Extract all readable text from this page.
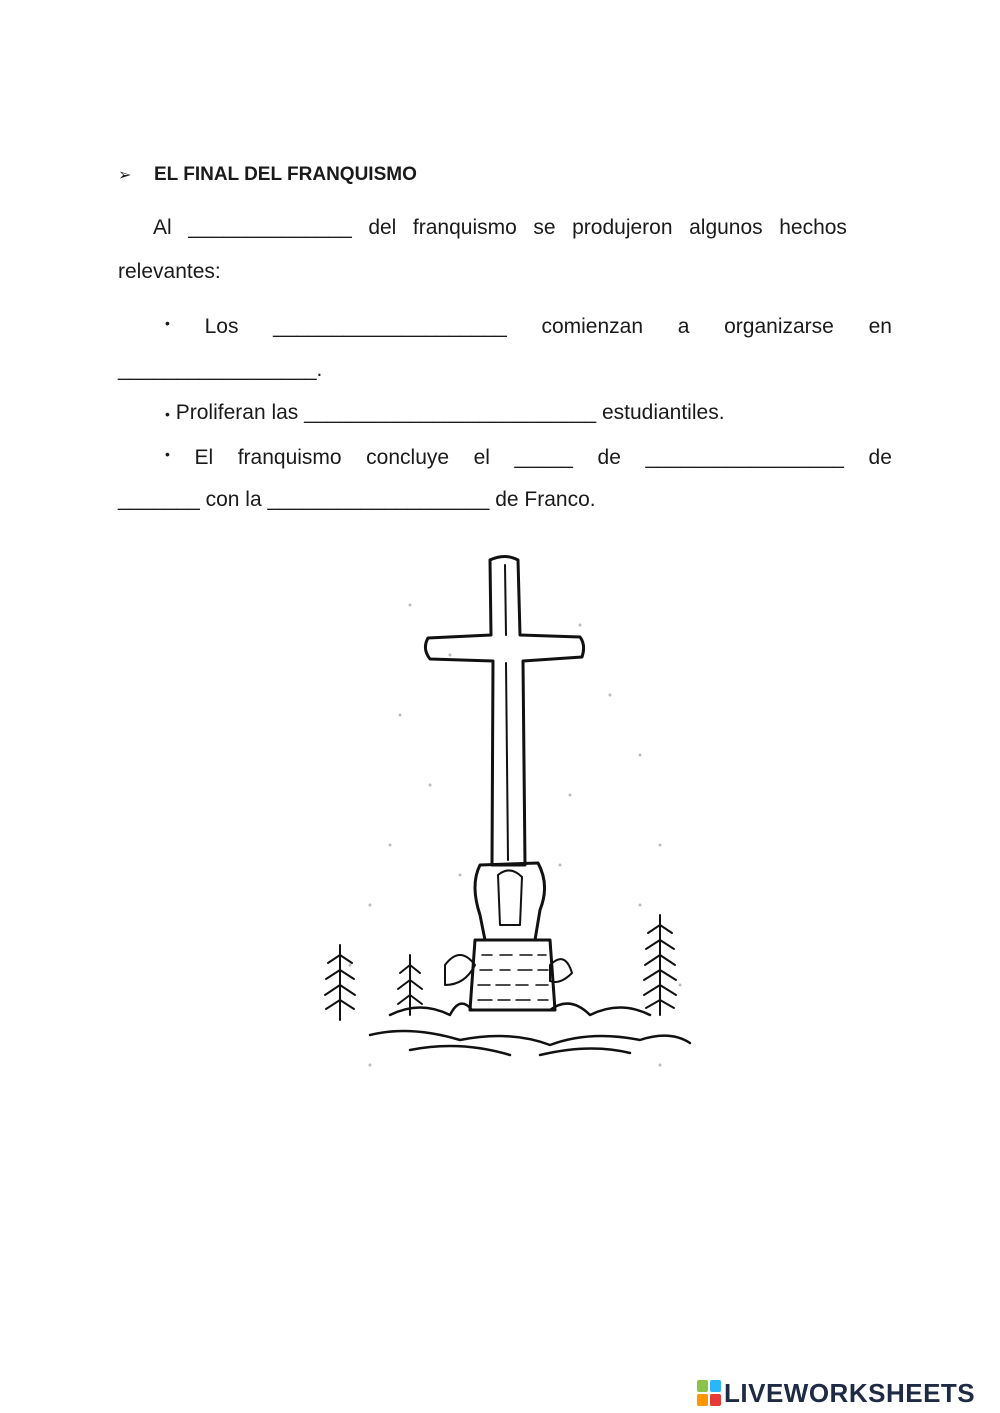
➢ EL FINAL DEL FRANQUISMO
Al ______________ del franquismo se produjeron algunos hechos
relevantes:
• Los ____________________ comienzan a organizarse en
_________________.
• Proliferan las _________________________ estudiantiles.
• El franquismo concluye el _____ de _________________ de
_______ con la ___________________ de Franco.
LIVEWORKSHEETS
